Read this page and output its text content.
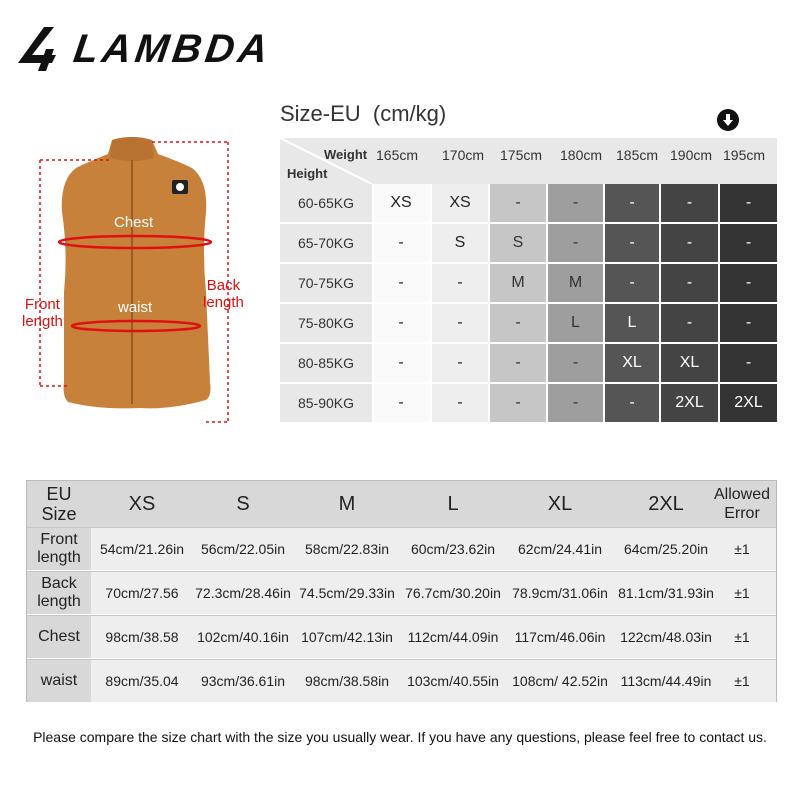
LAMBDA
Chest
waist
Front
length
Back
length
Size-EU  (cm/kg)
Weight
Height
165cm 170cm 175cm 180cm 185cm 190cm 195cm
60-65KG	XS	XS	-	-	-	-	-
65-70KG	-	S	S	-	-	-	-
70-75KG	-	-	M	M	-	-	-
75-80KG	-	-	-	L	L	-	-
80-85KG	-	-	-	-	XL	XL	-
85-90KG	-	-	-	-	-	2XL	2XL
EU
Size	XS	S	M	L	XL	2XL	Allowed
Error
Front
length	54cm/21.26in	56cm/22.05in	58cm/22.83in	60cm/23.62in	62cm/24.41in	64cm/25.20in	±1
Back
length	70cm/27.56	72.3cm/28.46in 74.5cm/29.33in 76.7cm/30.20in 78.9cm/31.06in 81.1cm/31.93in	±1
Chest	98cm/38.58	102cm/40.16in 107cm/42.13in	112cm/44.09in	117cm/46.06in	122cm/48.03in	±1
waist	89cm/35.04	93cm/36.61in	98cm/38.58in	103cm/40.55in 108cm/ 42.52in 113cm/44.49in	±1
Please compare the size chart with the size you usually wear. If you have any questions, please feel free to contact us.
